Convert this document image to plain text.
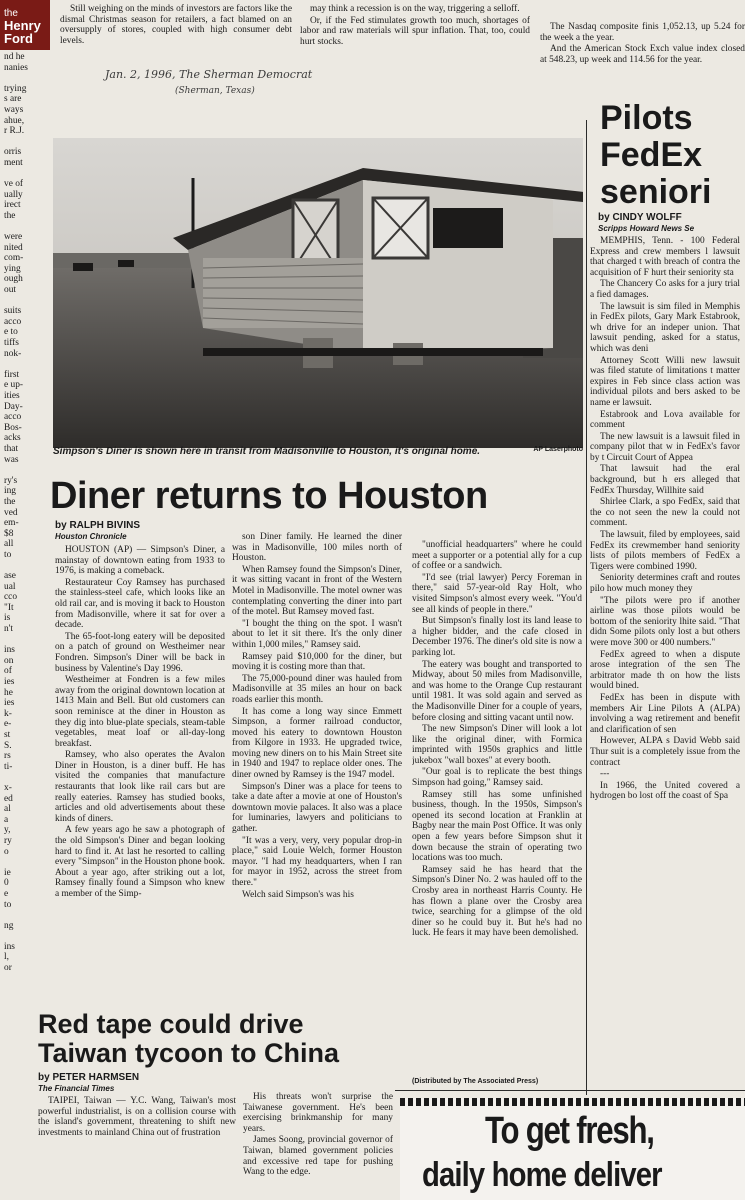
the
Henry
Ford
nd he
nanies

trying
s are
ways
ahue,
r R.J.

orris
ment

ve of
ually
irect
the

were
nited
com-
ying
ough
out

suits
acco
e to
tiffs
nok-

first
e up-
ities
Day-
acco
Bos-
acks
that
was

ry's
ing
the
ved
em-
$8
all
to

ase
ual
cco
"It
is
n't

ins
on
of
ies
he
ies
k-
e-
st
S.
rs
ti-

x-
ed
al
a
y,
ry
o

ie
0
e
to

ng

ins
l,
or

Still weighing on the minds of investors are factors like the dismal Christmas season for retailers, a fact blamed on an oversupply of stores, coupled with high consumer debt levels.

Jan. 2, 1996, The Sherman Democrat
(Sherman, Texas)

may think a recession is on the way, triggering a selloff.

Or, if the Fed stimulates growth too much, shortages of labor and raw materials will spur inflation. That, too, could hurt stocks.

The Nasdaq composite finis 1,052.13, up 5.24 for the week a the year.

And the American Stock Exch value index closed at 548.23, up week and 114.56 for the year.

Simpson's Diner is shown here in transit from Madisonville to Houston, it's original home.	AP Laserphoto
Pilots FedEx seniori
by CINDY WOLFF
Scripps Howard News Se

MEMPHIS, Tenn. - 100 Federal Express and crew members l lawsuit that charged t with breach of contra the acquisition of F hurt their seniority sta

The Chancery Co asks for a jury trial a fied damages.

The lawsuit is sim filed in Memphis in FedEx pilots, Gary Mark Estabrook, wh drive for an indeper union. That lawsuit pending, asked for a status, which was deni

Attorney Scott Willi new lawsuit was filed statute of limitations t matter expires in Feb since class action was individual pilots and bers asked to be name er lawsuit.

Estabrook and Lova available for comment

The new lawsuit is a lawsuit filed in company pilot that w in FedEx's favor by t Circuit Court of Appea

That lawsuit had the eral background, but h ers alleged that FedEx Thursday, Willhite said

Shirlee Clark, a spo FedEx, said that the co not seen the new la could not comment.

The lawsuit, filed by employees, said FedEx its crewmember hand seniority lists of pilots members of FedEx a Tigers were combined 1990.

Seniority determines craft and routes pilo how much money they

"The pilots were pro if another airline was those pilots would be bottom of the seniority lhite said. "That didn Some pilots only lost a but others were move 300 or 400 numbers."

FedEx agreed to when a dispute arose integration of the sen The arbitrator made th on how the lists would bined.

FedEx has been in dispute with members Air Line Pilots A (ALPA) involving a wag retirement and benefit and clarification of sen

However, ALPA s David Webb said Thur suit is a completely issue from the contract

---

In 1966, the United covered a hydrogen bo lost off the coast of Spa

Diner returns to Houston
by RALPH BIVINS
Houston Chronicle

HOUSTON (AP) — Simpson's Diner, a mainstay of downtown eating from 1933 to 1976, is making a comeback.

Restaurateur Coy Ramsey has purchased the stainless-steel cafe, which looks like an old rail car, and is moving it back to Houston from Madisonville, where it sat for over a decade.

The 65-foot-long eatery will be deposited on a patch of ground on Westheimer near Fondren. Simpson's Diner will be back in business by Valentine's Day 1996.

Westheimer at Fondren is a few miles away from the original downtown location at 1413 Main and Bell. But old customers can soon reminisce at the diner in Houston as they dig into blue-plate specials, steam-table vegetables, meat loaf or all-day-long breakfast.

Ramsey, who also operates the Avalon Diner in Houston, is a diner buff. He has visited the companies that manufacture restaurants that look like rail cars but are really eateries. Ramsey has studied books, articles and old advertisements about these kinds of diners.

A few years ago he saw a photograph of the old Simpson's Diner and began looking hard to find it. At last he resorted to calling every "Simpson" in the Houston phone book. About a year ago, after striking out a lot, Ramsey finally found a Simpson who knew a member of the Simp-

son Diner family. He learned the diner was in Madisonville, 100 miles north of Houston.

When Ramsey found the Simpson's Diner, it was sitting vacant in front of the Western Motel in Madisonville. The motel owner was contemplating converting the diner into part of the motel. But Ramsey moved fast.

"I bought the thing on the spot. I wasn't about to let it sit there. It's the only diner within 1,000 miles," Ramsey said.

Ramsey paid $10,000 for the diner, but moving it is costing more than that.

The 75,000-pound diner was hauled from Madisonville at 35 miles an hour on back roads earlier this month.

It has come a long way since Emmett Simpson, a former railroad conductor, moved his eatery to downtown Houston from Kilgore in 1933. He upgraded twice, moving new diners on to his Main Street site in 1940 and 1947 to replace older ones. The diner owned by Ramsey is the 1947 model.

Simpson's Diner was a place for teens to take a date after a movie at one of Houston's downtown movie palaces. It also was a place for luminaries, lawyers and politicians to gather.

"It was a very, very, very popular drop-in place," said Louie Welch, former Houston mayor. "I had my headquarters, when I ran for mayor in 1952, across the street from there."

Welch said Simpson's was his

"unofficial headquarters" where he could meet a supporter or a potential ally for a cup of coffee or a sandwich.

"I'd see (trial lawyer) Percy Foreman in there," said 57-year-old Ray Holt, who visited Simpson's almost every week. "You'd see all kinds of people in there."

But Simpson's finally lost its land lease to a higher bidder, and the cafe closed in December 1976. The diner's old site is now a parking lot.

The eatery was bought and transported to Midway, about 50 miles from Madisonville, and was home to the Orange Cup restaurant until 1981. It was sold again and served as the Madisonville Diner for a couple of years, before closing and sitting vacant until now.

The new Simpson's Diner will look a lot like the original diner, with Formica imprinted with 1950s graphics and little jukebox "wall boxes" at every booth.

"Our goal is to replicate the best things Simpson had going," Ramsey said.

Ramsey still has some unfinished business, though. In the 1950s, Simpson's opened its second location at Franklin at Bagby near the main Post Office. It was only open a few years before Simpson shut it down because the strain of operating two locations was too much.

Ramsey said he has heard that the Simpson's Diner No. 2 was hauled off to the Crosby area in northeast Harris County. He has flown a plane over the Crosby area twice, searching for a glimpse of the old diner so he could buy it. But he's had no luck. He fears it may have been demolished.

(Distributed by The Associated Press)
Red tape could drive Taiwan tycoon to China
by PETER HARMSEN
The Financial Times

TAIPEI, Taiwan — Y.C. Wang, Taiwan's most powerful industrialist, is on a collision course with the island's government, threatening to shift new investments to mainland China out of frustration

His threats won't surprise the Taiwanese government. He's been exercising brinkmanship for many years.

James Soong, provincial governor of Taiwan, blamed government policies and excessive red tape for pushing Wang to the edge.

To get fresh,
daily home deliver
